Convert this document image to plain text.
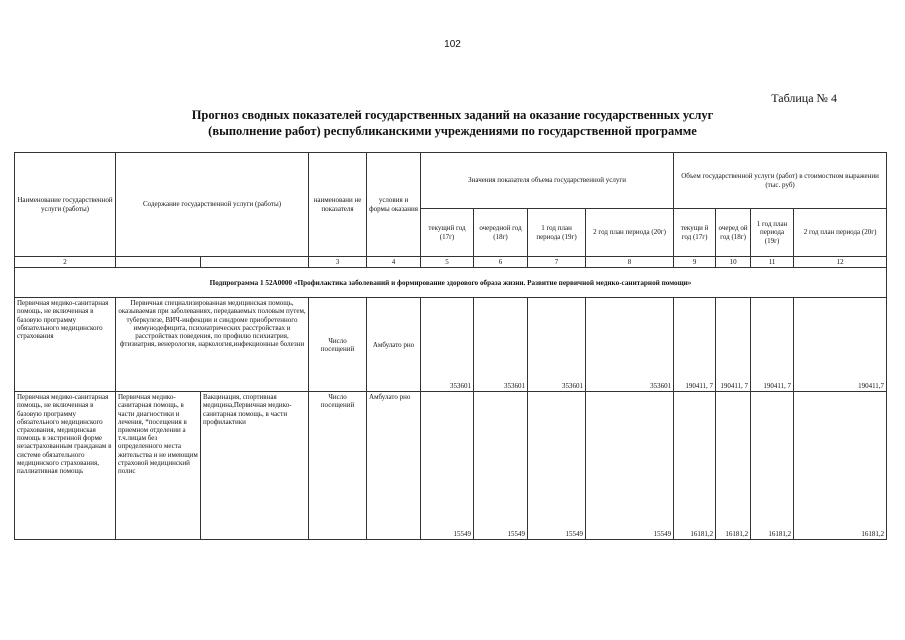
102
Таблица № 4
Прогноз сводных показателей государственных заданий на оказание государственных услуг
(выполнение работ) республиканскими учреждениями по государственной программе
Наименование государственной услуги (работы)	Содержание государственной услуги (работы)		наименовани не показателя	условия и формы оказания	Значения показателя объема государственной услуги				Объем государственной услуги (работ) в стоимостном выражении (тыс. руб)			
					текущий год (17г)	очередной год (18г)	1 год план периода (19г)	2 год план периода (20г)	текущи й год (17г)	очеред ой год (18г)	1 год план периода (19г)	2 год план периода (20г)
2			3	4	5	6	7	8	9	10	11	12
Подпрограмма 1 52А0000 «Профилактика заболеваний и формирование здорового образа жизни. Развитие первичной медико-санитарной помощи»												
Первичная медико-санитарная помощь, не включенная в базовую программу обязательного медицинского страхования	Первичная специализированная медицинская помощь, оказываемая при заболеваниях, передаваемых половым путем, туберкулезе, ВИЧ-инфекции и синдроме приобретенного иммунодефицита, психиатрических расстройствах и расстройствах поведения, по профилю психиатрия, фтизиатрия, венерология, наркология,инфекционные болезни		Число посещений	Амбулато рно	353601	353601	353601	353601	190411, 7	190411, 7	190411, 7	190411,7
Первичная медико-санитарная помощь, не включенная в базовую программу обязательного медицинского страхования, медицинская помощь в экстренной форме незастрахованным гражданам в системе обязательного медицинского страхования, паллиативная помощь	Первичная медико-санитарная помощь, в части диагностики и лечения, *посещения в приемном отделении а т.ч.лицам без определенного места жительства и не имеющим страховой медицинский полис	Вакцинация, спортивная медицина,Первичная медико-санитарная помощь, в части профилактики	Число посещений	Амбулато рно	15549	15549	15549	15549	16181,2	16181,2	16181,2	16181,2
